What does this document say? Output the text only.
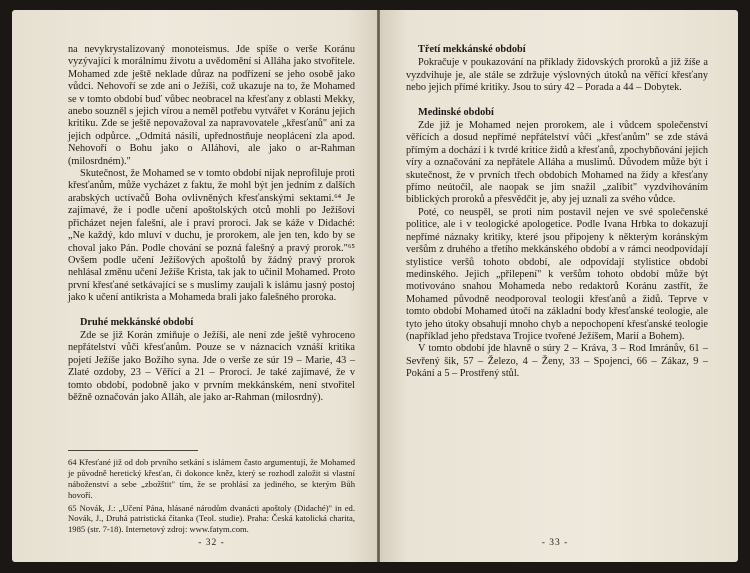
na nevykrystalizovaný monoteismus. Jde spíše o verše Koránu vyzývající k morálnímu životu a uvědomění si Alláha jako stvořitele. Mohamed zde ještě neklade důraz na podřízení se jeho osobě jako vůdci. Nehovoří se zde ani o Ježíši, což ukazuje na to, že Mohamed se v tomto období buď vůbec neobracel na křesťany z oblasti Mekky, anebo souzněl s jejich vírou a neměl potřebu vytvářet v Koránu jejich kritiku. Zde se ještě nepovažoval za napravovatele „křesťanů" ani za jejich odpůrce. „Odmítá násilí, upřednostňuje neoplácení zla apod. Nehovoří o Bohu jako o Alláhovi, ale jako o ar-Rahman (milosrdném)."

Skutečnost, že Mohamed se v tomto období nijak neprofiluje proti křesťanům, může vycházet z faktu, že mohl být jen jedním z dalších arabských uctívačů Boha ovlivněných křesťanskými sektami.⁶⁴ Je zajímavé, že i podle učení apoštolských otců mohli po Ježíšovi přicházet nejen falešní, ale i praví proroci. Jak se káže v Didaché: „Ne každý, kdo mluví v duchu, je prorokem, ale jen ten, kdo by se choval jako Pán. Podle chování se pozná falešný a pravý prorok."⁶⁵ Ovšem podle učení Ježíšových apoštolů by žádný pravý prorok nehlásal změnu učení Ježíše Krista, tak jak to učinil Mohamed. Proto první křesťané setkávající se s muslimy zaujali k islámu jasný postoj jako k učení antikrista a Mohameda brali jako falešného proroka.

Druhé mekkánské období

Zde se již Korán zmiňuje o Ježíši, ale není zde ještě vyhroceno nepřátelství vůči křesťanům. Pouze se v náznacích vznáší kritika pojetí Ježíše jako Božího syna. Jde o verše ze súr 19 – Marie, 43 – Zlaté ozdoby, 23 – Věřící a 21 – Proroci. Je také zajímavé, že v tomto období, podobně jako v prvním mekkánském, není stvořitel běžně označován jako Alláh, ale jako ar-Rahman (milosrdný).

64 Křesťané již od dob prvního setkání s islámem často argumentují, že Mohamed je původně heretický křesťan, či dokonce kněz, který se rozhodl založit si vlastní náboženství a sebe „zbožštit" tím, že se prohlásí za jediného, se kterým Bůh hovoří.

65 Novák, J.: „Učení Pána, hlásané národům dvanácti apoštoly (Didaché)" in ed. Novák, J., Druhá patristická čítanka (Teol. studie). Praha: Česká katolická charita, 1985 (str. 7-18). Internetový zdroj: www.fatym.com.

- 32 -
Třetí mekkánské období

Pokračuje v poukazování na příklady židovských proroků a již žíše a vyzdvihuje je, ale stále se zdržuje výslovných útoků na věřící křesťany nebo jejich přímé kritiky. Jsou to súry 42 – Porada a 44 – Dobytek.

Medinské období

Zde již je Mohamed nejen prorokem, ale i vůdcem společenství věřících a dosud nepřímé nepřátelství vůči „křesťanům" se zde stává přímým a dochází i k tvrdé kritice židů a křesťanů, zpochybňování jejich víry a označování za nepřátele Alláha a muslimů. Důvodem může být i skutečnost, že v prvních třech obdobích Mohamed na židy a křesťany přímo neútočil, ale naopak se jim snažil „zalíbit" vyzdvihováním biblických proroků a přesvědčit je, aby jej uznali za svého vůdce.

Poté, co neuspěl, se proti nim postavil nejen ve své společenské politice, ale i v teologické apologetice. Podle Ivana Hrbka to dokazují nepřímé náznaky kritiky, které jsou připojeny k některým koránským veršům z druhého a třetího mekkánského období a v rámci neodpovídají stylistice veršů tohoto období, ale odpovídají stylistice období medinského. Jejich „přilepení" k veršům tohoto období může být motivováno snahou Mohameda nebo redaktorů Koránu zastřít, že Mohamed původně neodporoval teologii křesťanů a židů. Teprve v tomto období Mohamed útočí na základní body křesťanské teologie, ale tyto jeho útoky obsahují mnoho chyb a nepochopení křesťanské teologie (například jeho představa Trojice tvořené Ježíšem, Marií a Bohem).

V tomto období jde hlavně o súry 2 – Kráva, 3 – Rod Imránův, 61 – Sevřený šik, 57 – Železo, 4 – Ženy, 33 – Spojenci, 66 – Zákaz, 9 – Pokání a 5 – Prostřený stůl.

- 33 -
